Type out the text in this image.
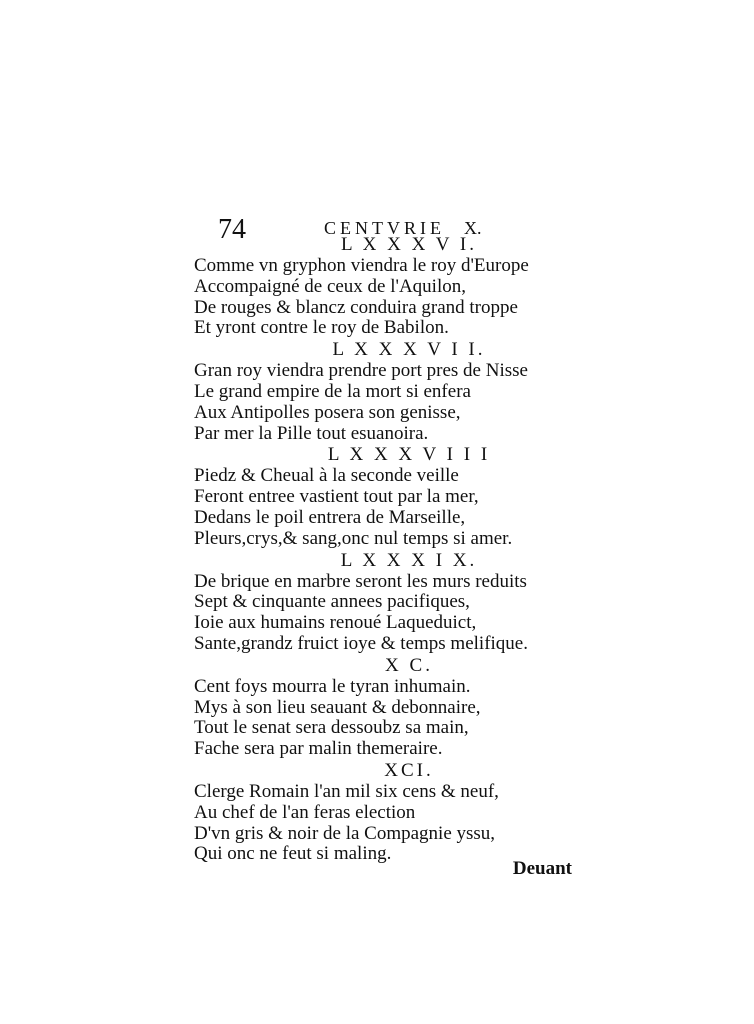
74	CENTVRIE X.
L X X X V I.
Comme vn gryphon viendra le roy d'Europe
Accompaigné de ceux de l'Aquilon,
De rouges & blancz conduira grand troppe
Et yront contre le roy de Babilon.
L X X X V I I.
Gran roy viendra prendre port pres de Nisse
Le grand empire de la mort si enfera
Aux Antipolles posera son genisse,
Par mer la Pille tout esuanoira.
L X X X V I I I
Piedz & Cheual à la seconde veille
Feront entree vastient tout par la mer,
Dedans le poil entrera de Marseille,
Pleurs,crys,& sang,onc nul temps si amer.
L X X X I X.
De brique en marbre seront les murs reduits
Sept & cinquante annees pacifiques,
Ioie aux humains renoué Laqueduict,
Sante,grandz fruict ioye & temps melifique.
X C.
Cent foys mourra le tyran inhumain.
Mys à son lieu seauant & debonnaire,
Tout le senat sera dessoubz sa main,
Fache sera par malin themeraire.
XCI.
Clerge Romain l'an mil six cens & neuf,
Au chef de l'an feras election
D'vn gris & noir de la Compagnie yssu,
Qui onc ne feut si maling.
Deuant
